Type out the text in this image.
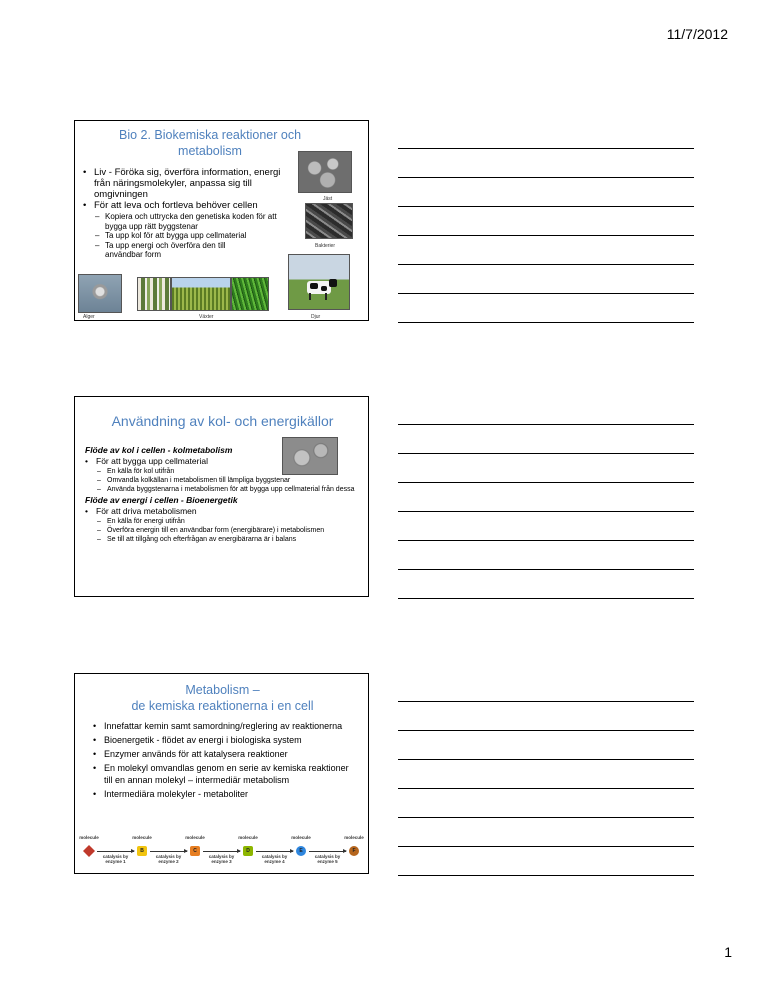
11/7/2012
Bio 2. Biokemiska reaktioner och metabolism
• Liv - Föröka sig, överföra information, energi från näringsmolekyler, anpassa sig till omgivningen
• För att leva och fortleva behöver cellen
– Kopiera och uttrycka den genetiska koden för att bygga upp rätt byggstenar
– Ta upp kol för att bygga upp cellmaterial
– Ta upp energi och överföra den till användbar form
Jäst
Bakterier
Alger	Växter	Djur
Användning av kol- och energikällor
Flöde av kol i cellen - kolmetabolism
• För att bygga upp cellmaterial
– En källa för kol utifrån
– Omvandla kolkällan i metabolismen till lämpliga byggstenar
– Använda byggstenarna i metabolismen för att bygga upp cellmaterial från dessa
Flöde av energi i cellen - Bioenergetik
• För att driva metabolismen
– En källa för energi utifrån
– Överföra energin till en användbar form (energibärare) i metabolismen
– Se till att tillgång och efterfrågan av energibärarna är i balans
Metabolism –
de kemiska reaktionerna i en cell
• Innefattar kemin samt samordning/reglering av reaktionerna
• Bioenergetik - flödet av energi i biologiska system
• Enzymer används för att katalysera reaktioner
• En molekyl omvandlas genom en serie av kemiska reaktioner till en annan molekyl – intermediär metabolism
• Intermediära molekyler - metaboliter
molecule	molecule
B
molecule
C
molecule
D
molecule
E
molecule
F
catalysis by enzyme 1
catalysis by enzyme 2
catalysis by enzyme 3
catalysis by enzyme 4
catalysis by enzyme 5
1
